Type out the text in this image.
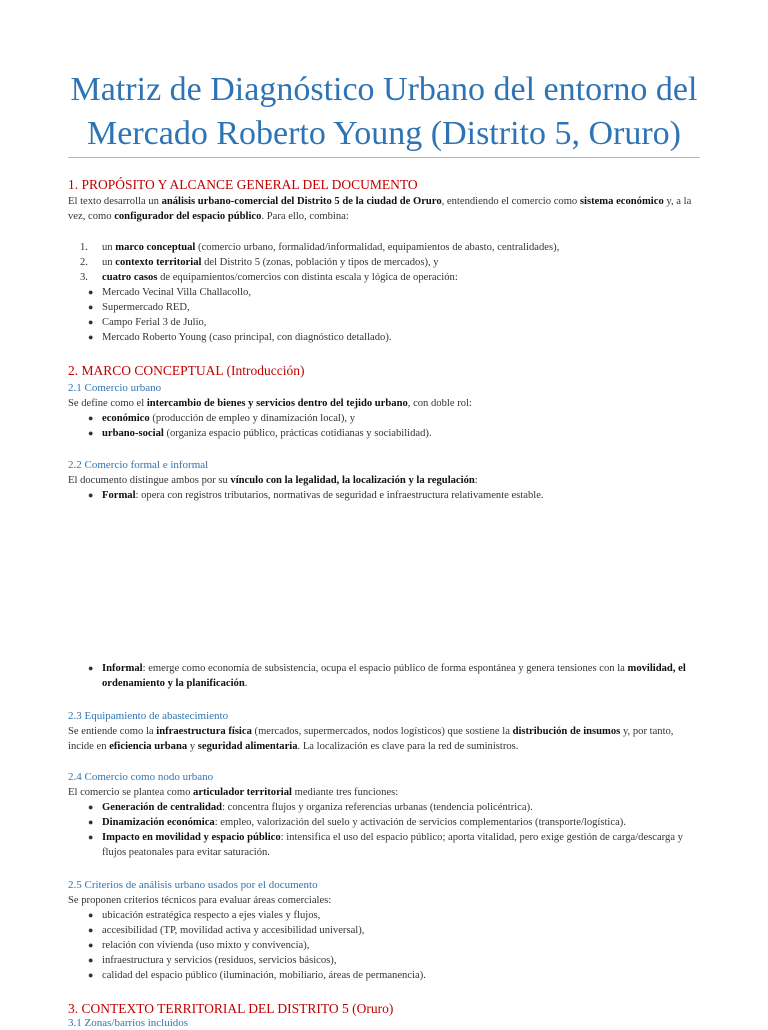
Matriz de Diagnóstico Urbano del entorno del
Mercado Roberto Young (Distrito 5, Oruro)
1. PROPÓSITO Y ALCANCE GENERAL DEL DOCUMENTO
El texto desarrolla un análisis urbano-comercial del Distrito 5 de la ciudad de Oruro, entendiendo el comercio como sistema económico y, a la vez, como configurador del espacio público. Para ello, combina:
1. un marco conceptual (comercio urbano, formalidad/informalidad, equipamientos de abasto, centralidades),
2. un contexto territorial del Distrito 5 (zonas, población y tipos de mercados), y
3. cuatro casos de equipamientos/comercios con distinta escala y lógica de operación:
● Mercado Vecinal Villa Challacollo,
● Supermercado RED,
● Campo Ferial 3 de Julio,
● Mercado Roberto Young (caso principal, con diagnóstico detallado).
2. MARCO CONCEPTUAL (Introducción)
2.1 Comercio urbano
Se define como el intercambio de bienes y servicios dentro del tejido urbano, con doble rol:
● económico (producción de empleo y dinamización local), y
● urbano-social (organiza espacio público, prácticas cotidianas y sociabilidad).
2.2 Comercio formal e informal
El documento distingue ambos por su vínculo con la legalidad, la localización y la regulación:
● Formal: opera con registros tributarios, normativas de seguridad e infraestructura relativamente estable.
● Informal: emerge como economía de subsistencia, ocupa el espacio público de forma espontánea y genera tensiones con la movilidad, el ordenamiento y la planificación.
2.3 Equipamiento de abastecimiento
Se entiende como la infraestructura física (mercados, supermercados, nodos logísticos) que sostiene la distribución de insumos y, por tanto, incide en eficiencia urbana y seguridad alimentaria. La localización es clave para la red de suministros.
2.4 Comercio como nodo urbano
El comercio se plantea como articulador territorial mediante tres funciones:
● Generación de centralidad: concentra flujos y organiza referencias urbanas (tendencia policéntrica).
● Dinamización económica: empleo, valorización del suelo y activación de servicios complementarios (transporte/logística).
● Impacto en movilidad y espacio público: intensifica el uso del espacio público; aporta vitalidad, pero exige gestión de carga/descarga y flujos peatonales para evitar saturación.
2.5 Criterios de análisis urbano usados por el documento
Se proponen criterios técnicos para evaluar áreas comerciales:
● ubicación estratégica respecto a ejes viales y flujos,
● accesibilidad (TP, movilidad activa y accesibilidad universal),
● relación con vivienda (uso mixto y convivencia),
● infraestructura y servicios (residuos, servicios básicos),
● calidad del espacio público (iluminación, mobiliario, áreas de permanencia).
3. CONTEXTO TERRITORIAL DEL DISTRITO 5 (Oruro)
3.1 Zonas/barrios incluidos
